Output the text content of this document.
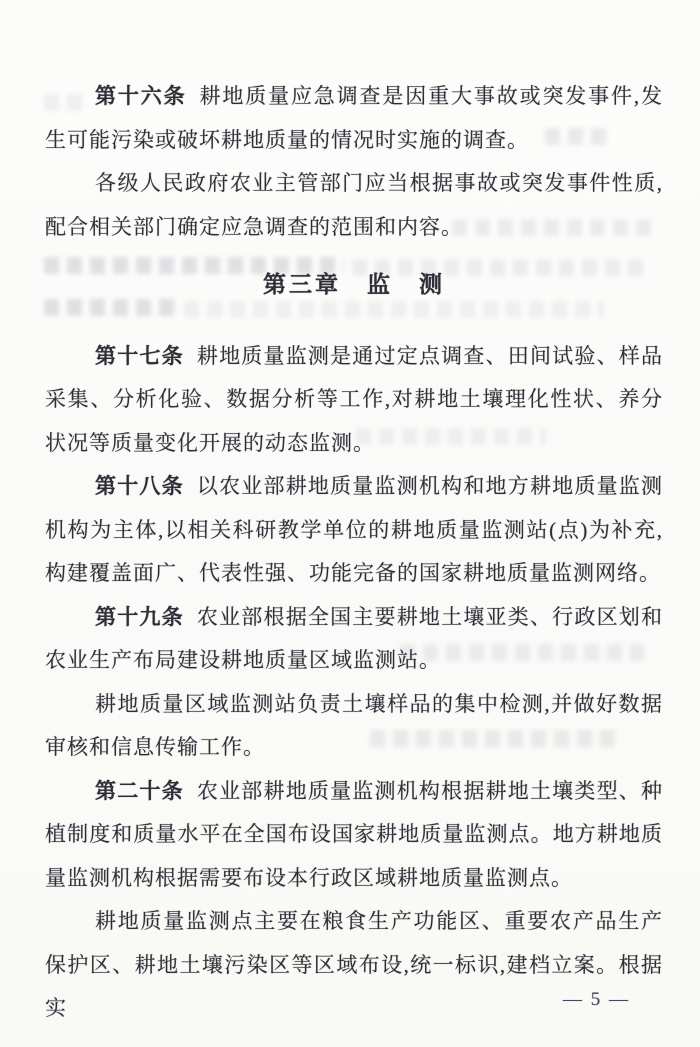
第十六条 耕地质量应急调查是因重大事故或突发事件,发生可能污染或破坏耕地质量的情况时实施的调查。

各级人民政府农业主管部门应当根据事故或突发事件性质,配合相关部门确定应急调查的范围和内容。

第三章　监　测

第十七条 耕地质量监测是通过定点调查、田间试验、样品采集、分析化验、数据分析等工作,对耕地土壤理化性状、养分状况等质量变化开展的动态监测。

第十八条 以农业部耕地质量监测机构和地方耕地质量监测机构为主体,以相关科研教学单位的耕地质量监测站(点)为补充,构建覆盖面广、代表性强、功能完备的国家耕地质量监测网络。

第十九条 农业部根据全国主要耕地土壤亚类、行政区划和农业生产布局建设耕地质量区域监测站。

耕地质量区域监测站负责土壤样品的集中检测,并做好数据审核和信息传输工作。

第二十条 农业部耕地质量监测机构根据耕地土壤类型、种植制度和质量水平在全国布设国家耕地质量监测点。地方耕地质量监测机构根据需要布设本行政区域耕地质量监测点。

耕地质量监测点主要在粮食生产功能区、重要农产品生产保护区、耕地土壤污染区等区域布设,统一标识,建档立案。根据实	— 5 —
